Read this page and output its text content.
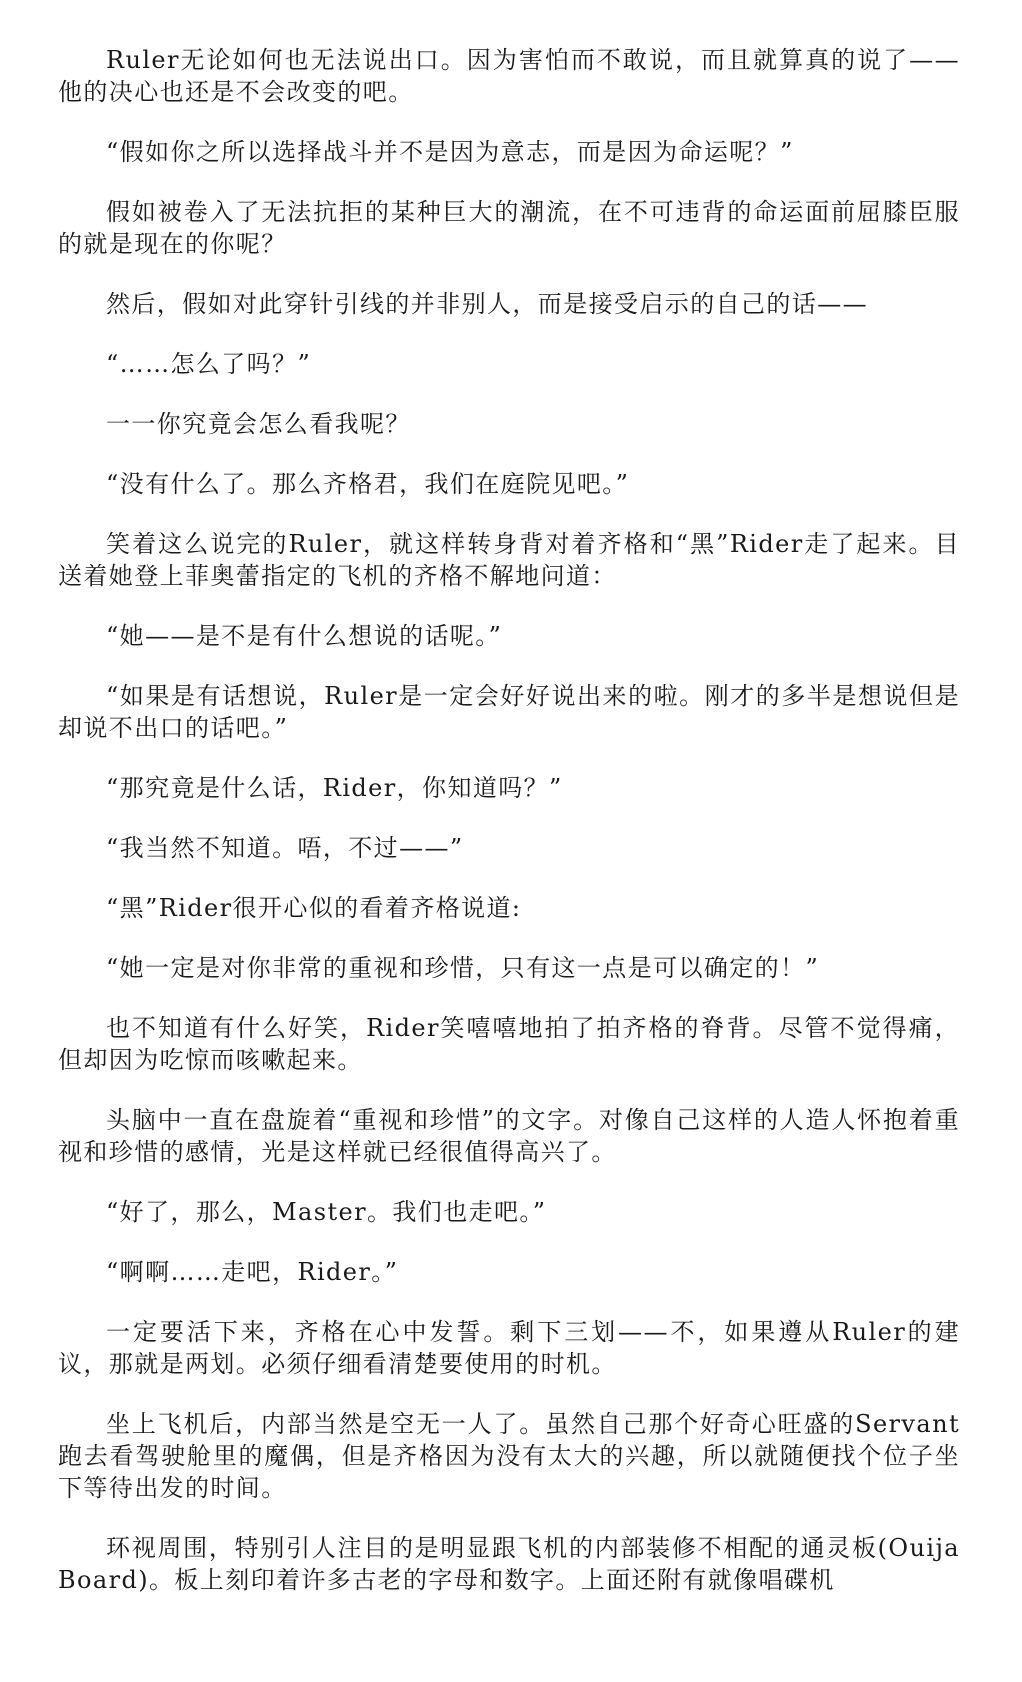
Ruler无论如何也无法说出口。因为害怕而不敢说，而且就算真的说了——他的决心也还是不会改变的吧。

“假如你之所以选择战斗并不是因为意志，而是因为命运呢？”

假如被卷入了无法抗拒的某种巨大的潮流，在不可违背的命运面前屈膝臣服的就是现在的你呢？

然后，假如对此穿针引线的并非别人，而是接受启示的自己的话——

“……怎么了吗？”

一一你究竟会怎么看我呢？

“没有什么了。那么齐格君，我们在庭院见吧。”

笑着这么说完的Ruler，就这样转身背对着齐格和“黑”Rider走了起来。目送着她登上菲奥蕾指定的飞机的齐格不解地问道：

“她——是不是有什么想说的话呢。”

“如果是有话想说，Ruler是一定会好好说出来的啦。刚才的多半是想说但是却说不出口的话吧。”

“那究竟是什么话，Rider，你知道吗？”

“我当然不知道。唔，不过——”

“黑”Rider很开心似的看着齐格说道:

“她一定是对你非常的重视和珍惜，只有这一点是可以确定的！”

也不知道有什么好笑，Rider笑嘻嘻地拍了拍齐格的脊背。尽管不觉得痛，但却因为吃惊而咳嗽起来。

头脑中一直在盘旋着“重视和珍惜”的文字。对像自己这样的人造人怀抱着重视和珍惜的感情，光是这样就已经很值得高兴了。

“好了，那么，Master。我们也走吧。”

“啊啊……走吧，Rider。”

一定要活下来，齐格在心中发誓。剩下三划——不，如果遵从Ruler的建议，那就是两划。必须仔细看清楚要使用的时机。

坐上飞机后，内部当然是空无一人了。虽然自己那个好奇心旺盛的Servant跑去看驾驶舱里的魔偶，但是齐格因为没有太大的兴趣，所以就随便找个位子坐下等待出发的时间。

环视周围，特别引人注目的是明显跟飞机的内部装修不相配的通灵板(Ouija Board)。板上刻印着许多古老的字母和数字。上面还附有就像唱碟机
